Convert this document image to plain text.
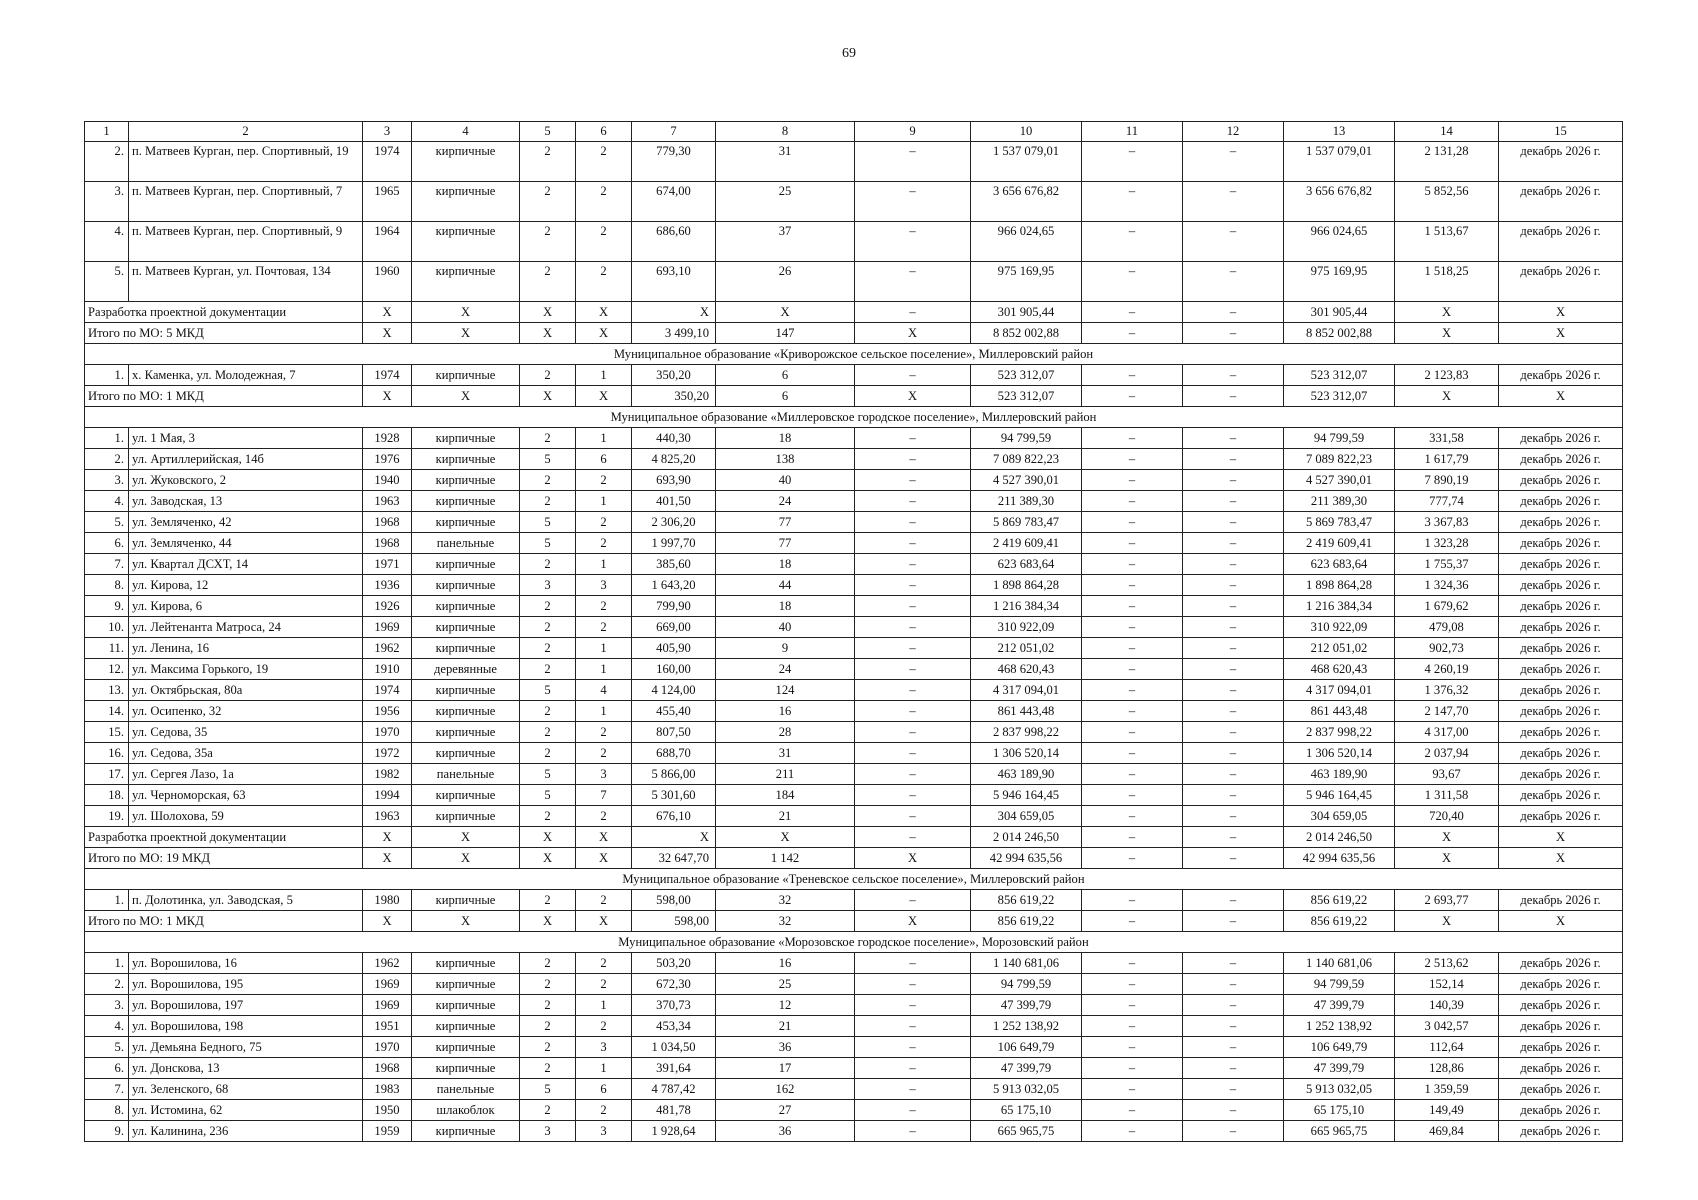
69
1	2	3	4	5	6	7	8	9	10	11	12	13	14	15
2.	п. Матвеев Курган, пер. Спортивный, 19	1974	кирпичные	2	2	779,30	31	–	1 537 079,01	–	–	1 537 079,01	2 131,28	декабрь 2026 г.
3.	п. Матвеев Курган, пер. Спортивный, 7	1965	кирпичные	2	2	674,00	25	–	3 656 676,82	–	–	3 656 676,82	5 852,56	декабрь 2026 г.
4.	п. Матвеев Курган, пер. Спортивный, 9	1964	кирпичные	2	2	686,60	37	–	966 024,65	–	–	966 024,65	1 513,67	декабрь 2026 г.
5.	п. Матвеев Курган, ул. Почтовая, 134	1960	кирпичные	2	2	693,10	26	–	975 169,95	–	–	975 169,95	1 518,25	декабрь 2026 г.
Разработка проектной документации		Х	Х	Х	Х	Х	Х	–	301 905,44	–	–	301 905,44	Х	Х
Итого по МО: 5 МКД		Х	Х	Х	Х	3 499,10	147	Х	8 852 002,88	–	–	8 852 002,88	Х	Х
Муниципальное образование «Криворожское сельское поселение», Миллеровский район														
1.	х. Каменка, ул. Молодежная, 7	1974	кирпичные	2	1	350,20	6	–	523 312,07	–	–	523 312,07	2 123,83	декабрь 2026 г.
Итого по МО: 1 МКД		Х	Х	Х	Х	350,20	6	Х	523 312,07	–	–	523 312,07	Х	Х
Муниципальное образование «Миллеровское городское поселение», Миллеровский район														
1.	ул. 1 Мая, 3	1928	кирпичные	2	1	440,30	18	–	94 799,59	–	–	94 799,59	331,58	декабрь 2026 г.
2.	ул. Артиллерийская, 14б	1976	кирпичные	5	6	4 825,20	138	–	7 089 822,23	–	–	7 089 822,23	1 617,79	декабрь 2026 г.
3.	ул. Жуковского, 2	1940	кирпичные	2	2	693,90	40	–	4 527 390,01	–	–	4 527 390,01	7 890,19	декабрь 2026 г.
4.	ул. Заводская, 13	1963	кирпичные	2	1	401,50	24	–	211 389,30	–	–	211 389,30	777,74	декабрь 2026 г.
5.	ул. Земляченко, 42	1968	кирпичные	5	2	2 306,20	77	–	5 869 783,47	–	–	5 869 783,47	3 367,83	декабрь 2026 г.
6.	ул. Земляченко, 44	1968	панельные	5	2	1 997,70	77	–	2 419 609,41	–	–	2 419 609,41	1 323,28	декабрь 2026 г.
7.	ул. Квартал ДСХТ, 14	1971	кирпичные	2	1	385,60	18	–	623 683,64	–	–	623 683,64	1 755,37	декабрь 2026 г.
8.	ул. Кирова, 12	1936	кирпичные	3	3	1 643,20	44	–	1 898 864,28	–	–	1 898 864,28	1 324,36	декабрь 2026 г.
9.	ул. Кирова, 6	1926	кирпичные	2	2	799,90	18	–	1 216 384,34	–	–	1 216 384,34	1 679,62	декабрь 2026 г.
10.	ул. Лейтенанта Матроса, 24	1969	кирпичные	2	2	669,00	40	–	310 922,09	–	–	310 922,09	479,08	декабрь 2026 г.
11.	ул. Ленина, 16	1962	кирпичные	2	1	405,90	9	–	212 051,02	–	–	212 051,02	902,73	декабрь 2026 г.
12.	ул. Максима Горького, 19	1910	деревянные	2	1	160,00	24	–	468 620,43	–	–	468 620,43	4 260,19	декабрь 2026 г.
13.	ул. Октябрьская, 80а	1974	кирпичные	5	4	4 124,00	124	–	4 317 094,01	–	–	4 317 094,01	1 376,32	декабрь 2026 г.
14.	ул. Осипенко, 32	1956	кирпичные	2	1	455,40	16	–	861 443,48	–	–	861 443,48	2 147,70	декабрь 2026 г.
15.	ул. Седова, 35	1970	кирпичные	2	2	807,50	28	–	2 837 998,22	–	–	2 837 998,22	4 317,00	декабрь 2026 г.
16.	ул. Седова, 35а	1972	кирпичные	2	2	688,70	31	–	1 306 520,14	–	–	1 306 520,14	2 037,94	декабрь 2026 г.
17.	ул. Сергея Лазо, 1а	1982	панельные	5	3	5 866,00	211	–	463 189,90	–	–	463 189,90	93,67	декабрь 2026 г.
18.	ул. Черноморская, 63	1994	кирпичные	5	7	5 301,60	184	–	5 946 164,45	–	–	5 946 164,45	1 311,58	декабрь 2026 г.
19.	ул. Шолохова, 59	1963	кирпичные	2	2	676,10	21	–	304 659,05	–	–	304 659,05	720,40	декабрь 2026 г.
Разработка проектной документации		Х	Х	Х	Х	Х	Х	–	2 014 246,50	–	–	2 014 246,50	Х	Х
Итого по МО: 19 МКД		Х	Х	Х	Х	32 647,70	1 142	Х	42 994 635,56	–	–	42 994 635,56	Х	Х
Муниципальное образование «Треневское сельское поселение», Миллеровский район														
1.	п. Долотинка, ул. Заводская, 5	1980	кирпичные	2	2	598,00	32	–	856 619,22	–	–	856 619,22	2 693,77	декабрь 2026 г.
Итого по МО: 1 МКД		Х	Х	Х	Х	598,00	32	Х	856 619,22	–	–	856 619,22	Х	Х
Муниципальное образование «Морозовское городское поселение», Морозовский район														
1.	ул. Ворошилова, 16	1962	кирпичные	2	2	503,20	16	–	1 140 681,06	–	–	1 140 681,06	2 513,62	декабрь 2026 г.
2.	ул. Ворошилова, 195	1969	кирпичные	2	2	672,30	25	–	94 799,59	–	–	94 799,59	152,14	декабрь 2026 г.
3.	ул. Ворошилова, 197	1969	кирпичные	2	1	370,73	12	–	47 399,79	–	–	47 399,79	140,39	декабрь 2026 г.
4.	ул. Ворошилова, 198	1951	кирпичные	2	2	453,34	21	–	1 252 138,92	–	–	1 252 138,92	3 042,57	декабрь 2026 г.
5.	ул. Демьяна Бедного, 75	1970	кирпичные	2	3	1 034,50	36	–	106 649,79	–	–	106 649,79	112,64	декабрь 2026 г.
6.	ул. Донскова, 13	1968	кирпичные	2	1	391,64	17	–	47 399,79	–	–	47 399,79	128,86	декабрь 2026 г.
7.	ул. Зеленского, 68	1983	панельные	5	6	4 787,42	162	–	5 913 032,05	–	–	5 913 032,05	1 359,59	декабрь 2026 г.
8.	ул. Истомина, 62	1950	шлакоблок	2	2	481,78	27	–	65 175,10	–	–	65 175,10	149,49	декабрь 2026 г.
9.	ул. Калинина, 236	1959	кирпичные	3	3	1 928,64	36	–	665 965,75	–	–	665 965,75	469,84	декабрь 2026 г.
